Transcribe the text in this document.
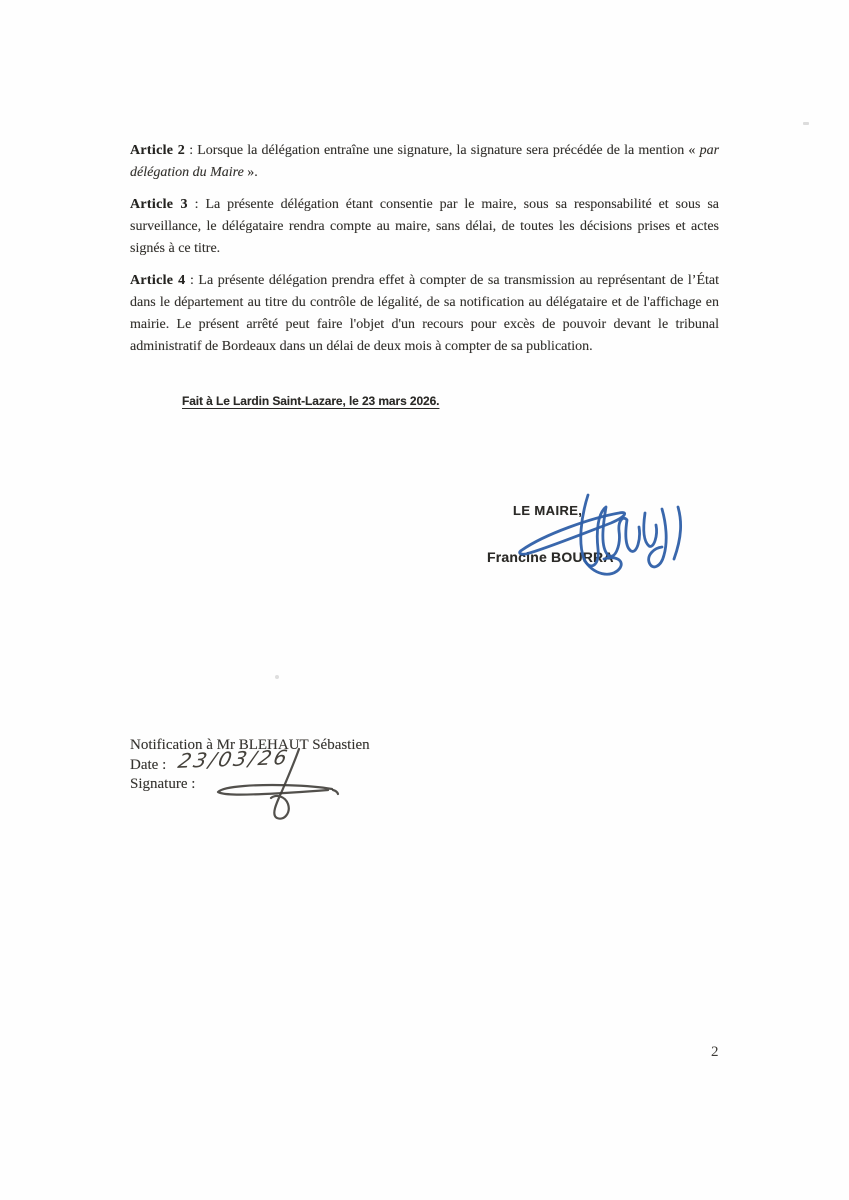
Article 2 : Lorsque la délégation entraîne une signature, la signature sera précédée de la mention « par délégation du Maire ».

Article 3 : La présente délégation étant consentie par le maire, sous sa responsabilité et sous sa surveillance, le délégataire rendra compte au maire, sans délai, de toutes les décisions prises et actes signés à ce titre.

Article 4 : La présente délégation prendra effet à compter de sa transmission au représentant de l’État dans le département au titre du contrôle de légalité, de sa notification au délégataire et de l'affichage en mairie. Le présent arrêté peut faire l'objet d'un recours pour excès de pouvoir devant le tribunal administratif de Bordeaux dans un délai de deux mois à compter de sa publication.

Fait à Le Lardin Saint-Lazare, le 23 mars 2026.
LE MAIRE,
Francine BOURRA
Notification à Mr BLEHAUT Sébastien
Date :
Signature :
23/03/26
2
